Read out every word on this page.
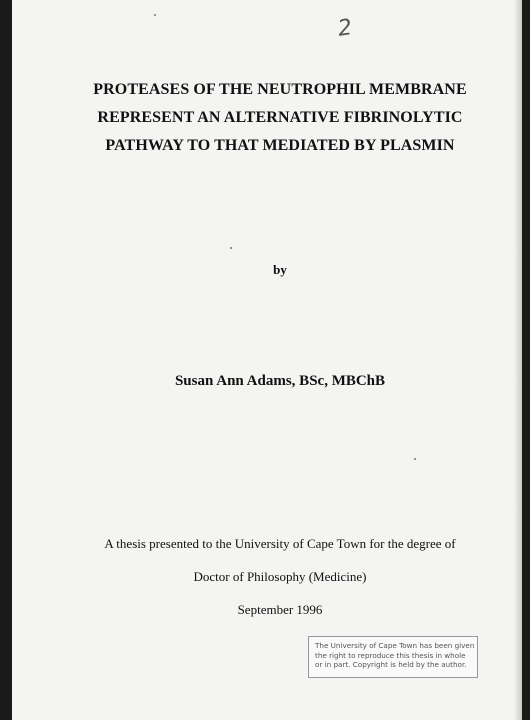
2
PROTEASES OF THE NEUTROPHIL MEMBRANE
REPRESENT AN ALTERNATIVE FIBRINOLYTIC
PATHWAY TO THAT MEDIATED BY PLASMIN
by
Susan Ann Adams, BSc, MBChB
A thesis presented to the University of Cape Town for the degree of
Doctor of Philosophy (Medicine)
September 1996
The University of Cape Town has been given
the right to reproduce this thesis in whole
or in part. Copyright is held by the author.
